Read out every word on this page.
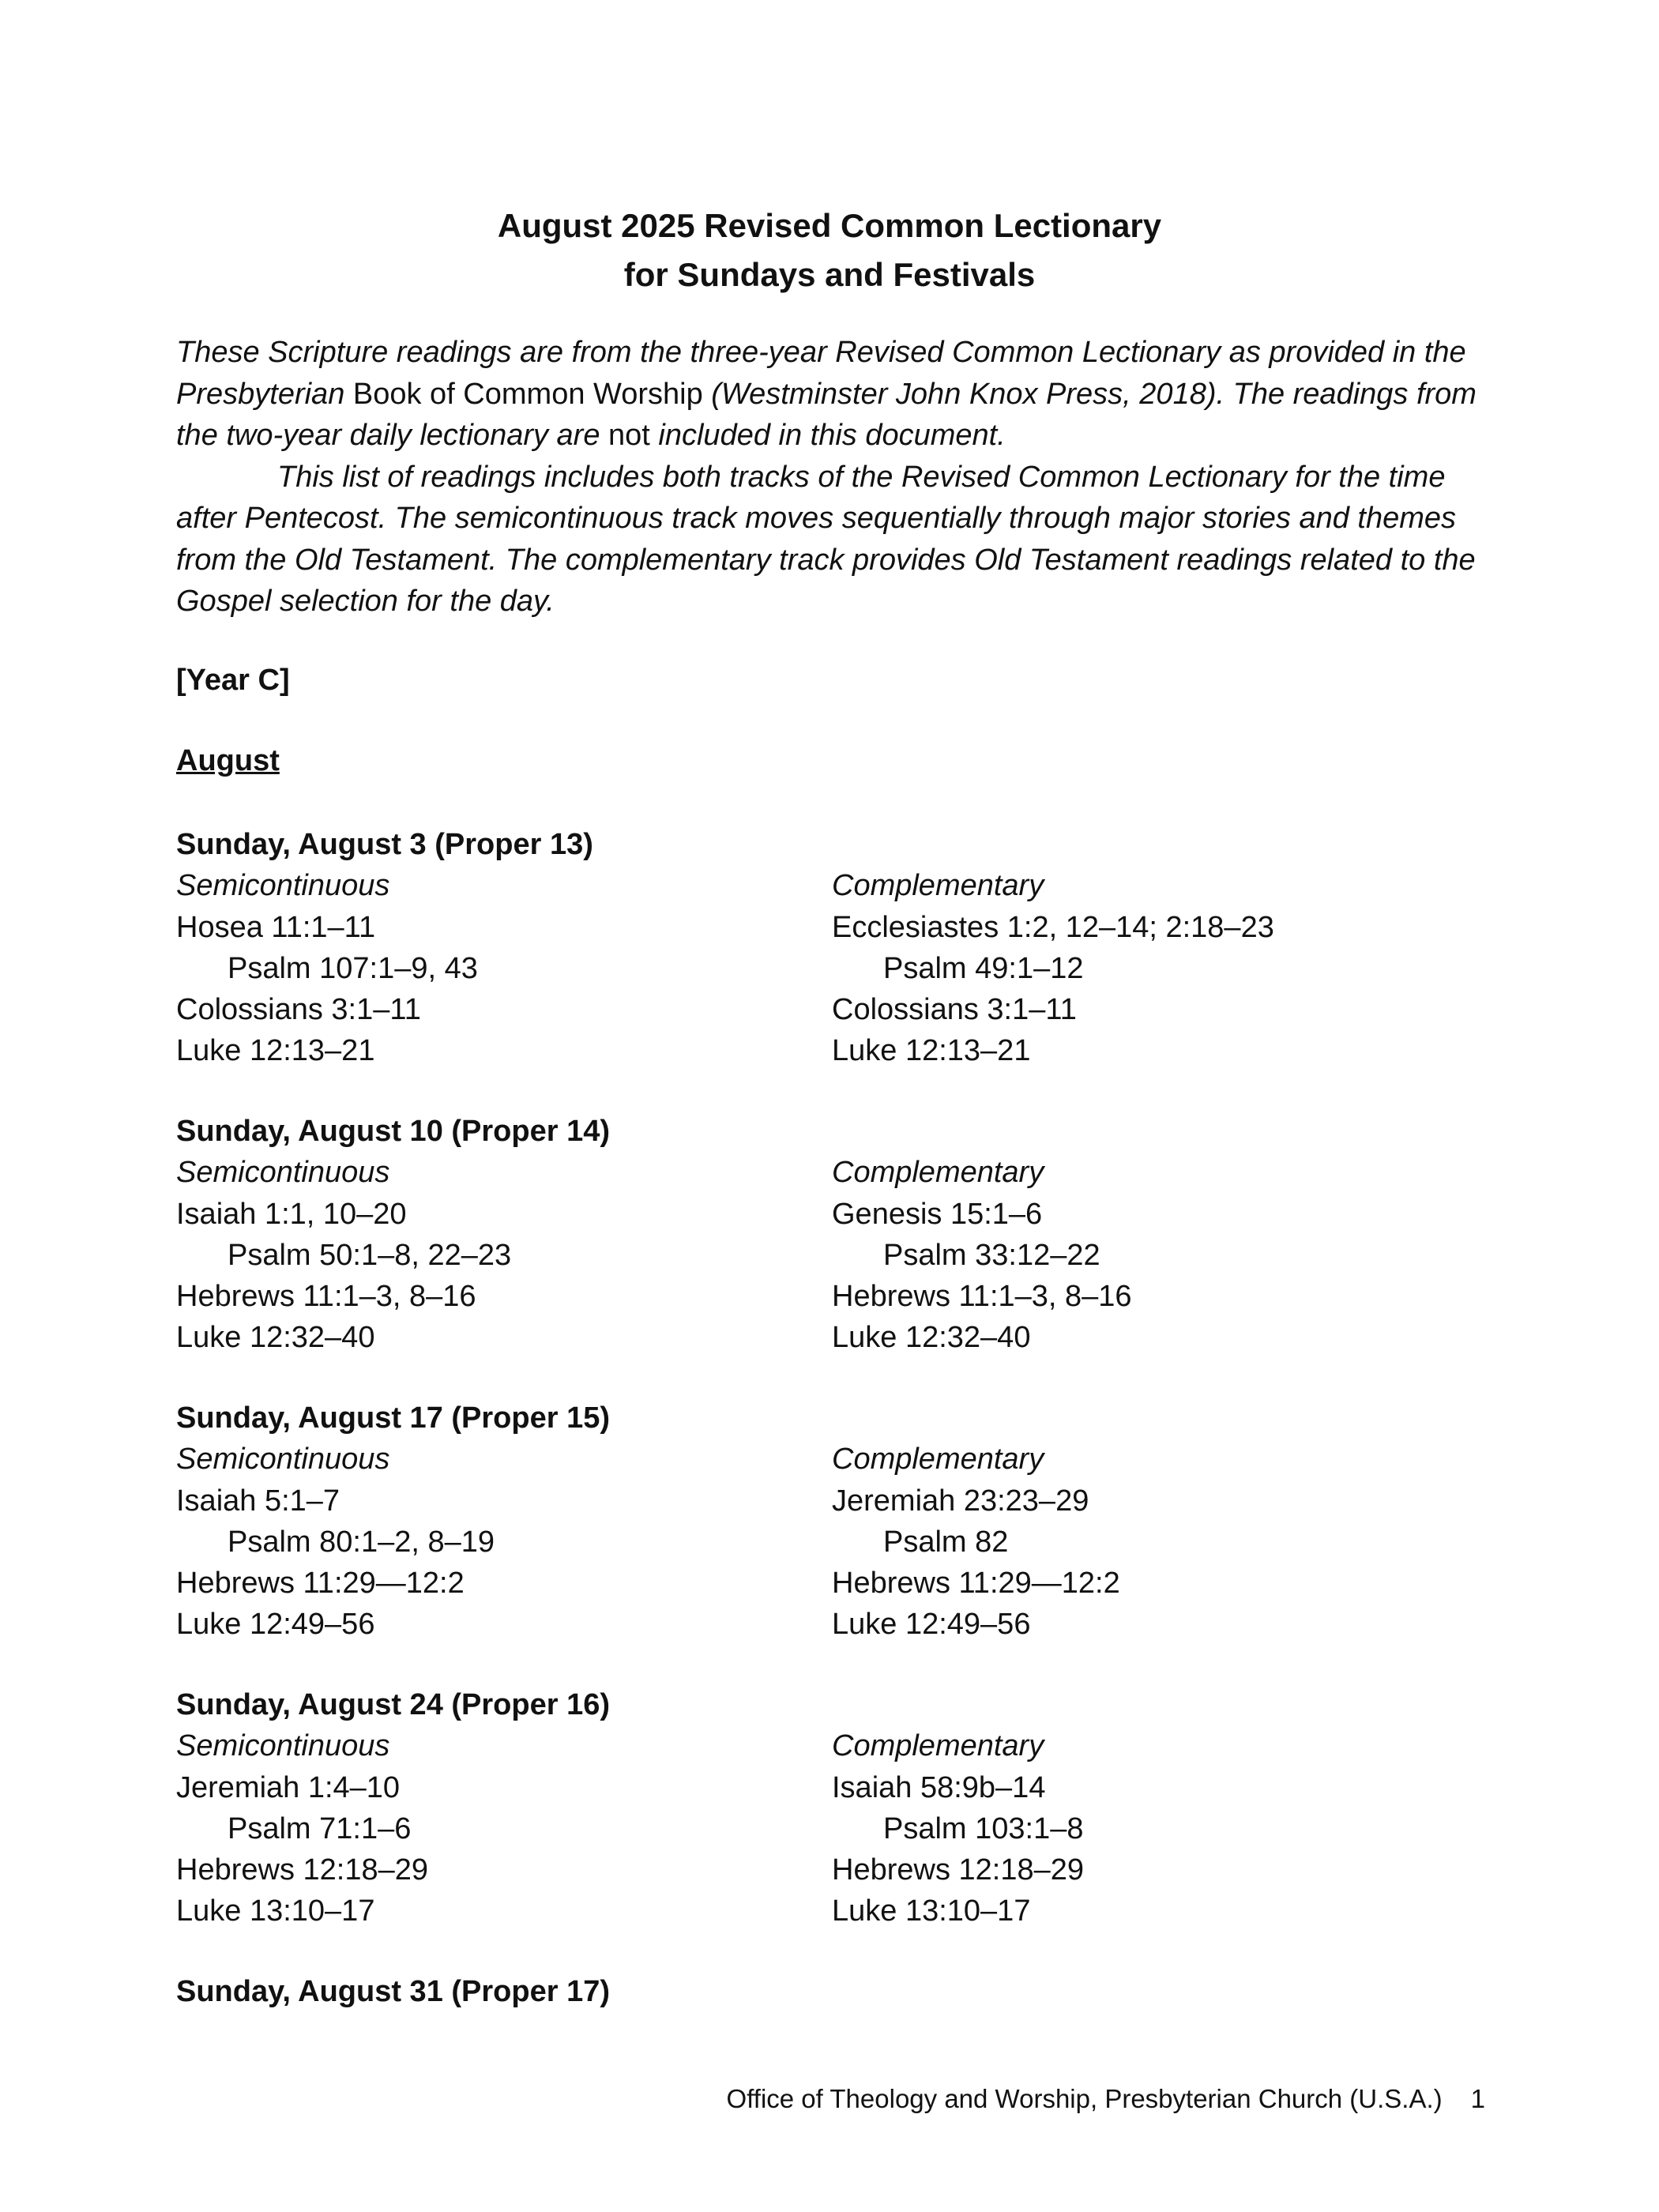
August 2025 Revised Common Lectionary
for Sundays and Festivals

These Scripture readings are from the three-year Revised Common Lectionary as provided in the Presbyterian Book of Common Worship (Westminster John Knox Press, 2018). The readings from the two-year daily lectionary are not included in this document.

This list of readings includes both tracks of the Revised Common Lectionary for the time after Pentecost. The semicontinuous track moves sequentially through major stories and themes from the Old Testament. The complementary track provides Old Testament readings related to the Gospel selection for the day.

[Year C]
August
Sunday, August 3 (Proper 13)
Semicontinuous
Hosea 11:1–11
Psalm 107:1–9, 43
Colossians 3:1–11
Luke 12:13–21
Complementary
Ecclesiastes 1:2, 12–14; 2:18–23
Psalm 49:1–12
Colossians 3:1–11
Luke 12:13–21
Sunday, August 10 (Proper 14)
Semicontinuous
Isaiah 1:1, 10–20
Psalm 50:1–8, 22–23
Hebrews 11:1–3, 8–16
Luke 12:32–40
Complementary
Genesis 15:1–6
Psalm 33:12–22
Hebrews 11:1–3, 8–16
Luke 12:32–40
Sunday, August 17 (Proper 15)
Semicontinuous
Isaiah 5:1–7
Psalm 80:1–2, 8–19
Hebrews 11:29—12:2
Luke 12:49–56
Complementary
Jeremiah 23:23–29
Psalm 82
Hebrews 11:29—12:2
Luke 12:49–56
Sunday, August 24 (Proper 16)
Semicontinuous
Jeremiah 1:4–10
Psalm 71:1–6
Hebrews 12:18–29
Luke 13:10–17
Complementary
Isaiah 58:9b–14
Psalm 103:1–8
Hebrews 12:18–29
Luke 13:10–17
Sunday, August 31 (Proper 17)
Office of Theology and Worship, Presbyterian Church (U.S.A.) 1
